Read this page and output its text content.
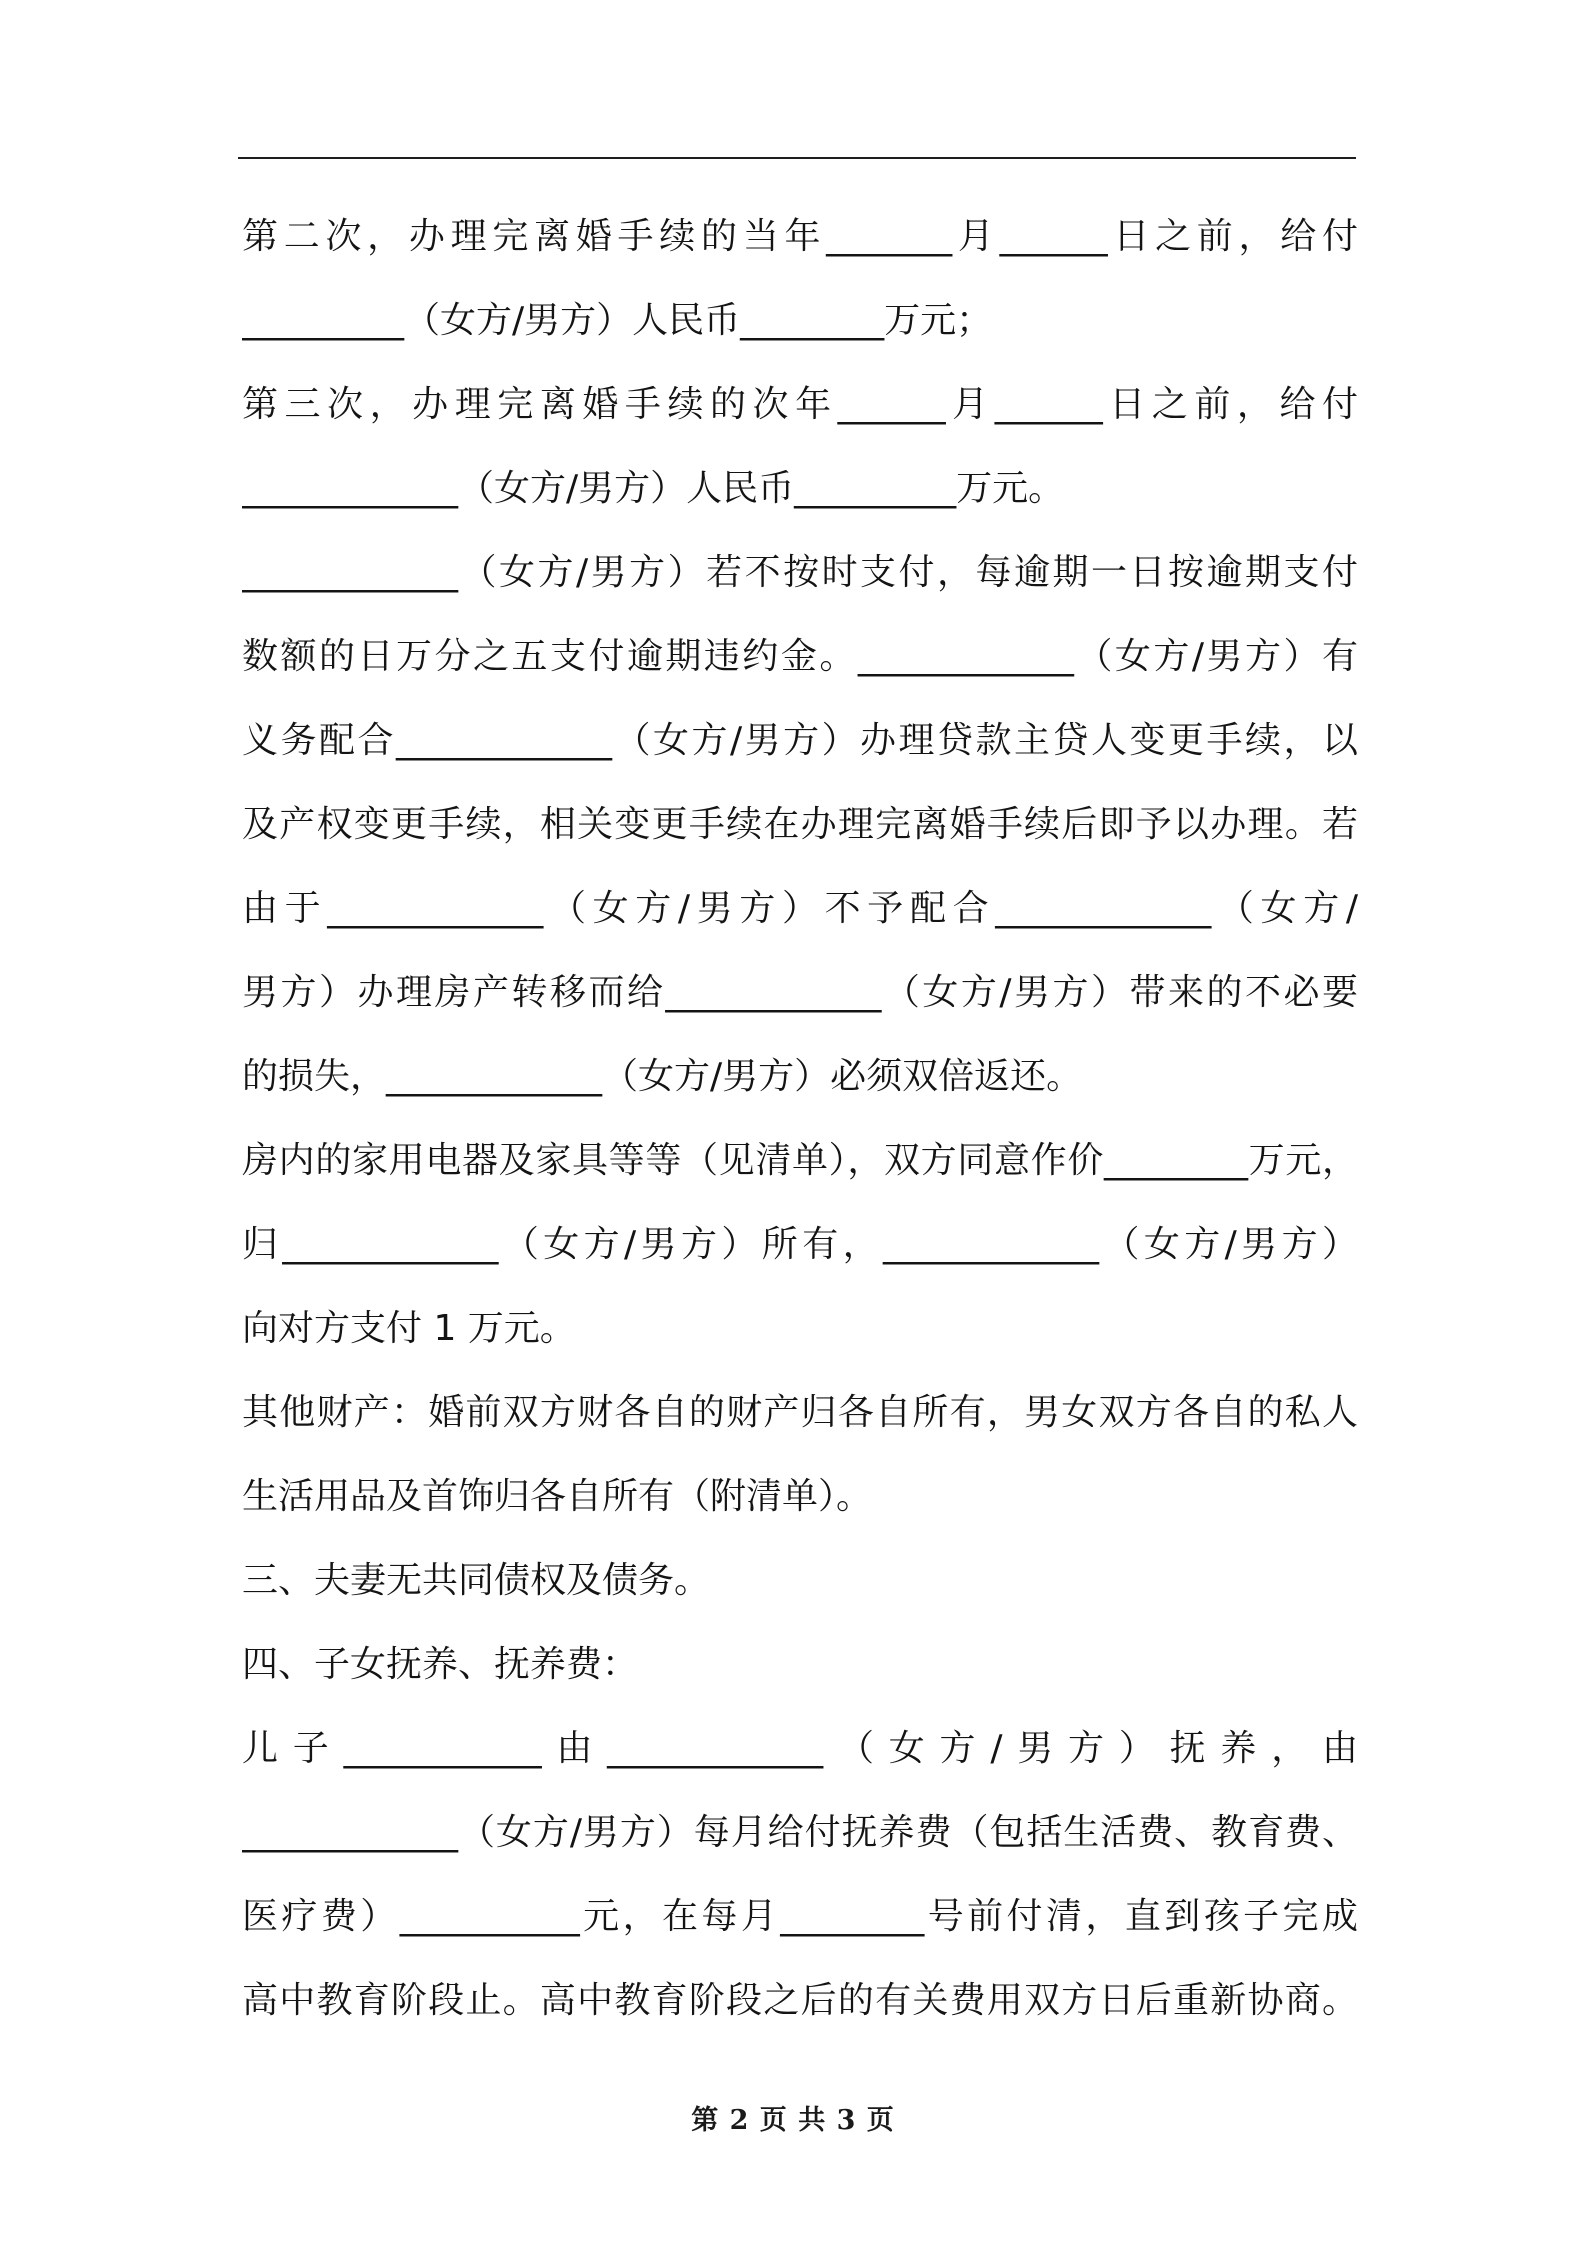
第二次，办理完离婚手续的当年_______月______日之前，给付
_________（女方/男方）人民币________万元；
第三次，办理完离婚手续的次年______月______日之前，给付
____________（女方/男方）人民币_________万元。
____________（女方/男方）若不按时支付，每逾期一日按逾期支付
数额的日万分之五支付逾期违约金。____________（女方/男方）有
义务配合____________（女方/男方）办理贷款主贷人变更手续，以
及产权变更手续，相关变更手续在办理完离婚手续后即予以办理。若
由于____________（女方/男方）不予配合____________（女方/
男方）办理房产转移而给____________（女方/男方）带来的不必要
的损失，____________（女方/男方）必须双倍返还。
房内的家用电器及家具等等（见清单），双方同意作价________万元，
归____________（女方/男方）所有，____________（女方/男方）
向对方支付 1 万元。
其他财产：婚前双方财各自的财产归各自所有，男女双方各自的私人
生活用品及首饰归各自所有（附清单）。
三、夫妻无共同债权及债务。
四、子女抚养、抚养费：
儿子___________由____________（女方/男方）抚养，由
____________（女方/男方）每月给付抚养费（包括生活费、教育费、
医疗费）__________元，在每月________号前付清，直到孩子完成
高中教育阶段止。高中教育阶段之后的有关费用双方日后重新协商。
第 2 页 共 3 页
